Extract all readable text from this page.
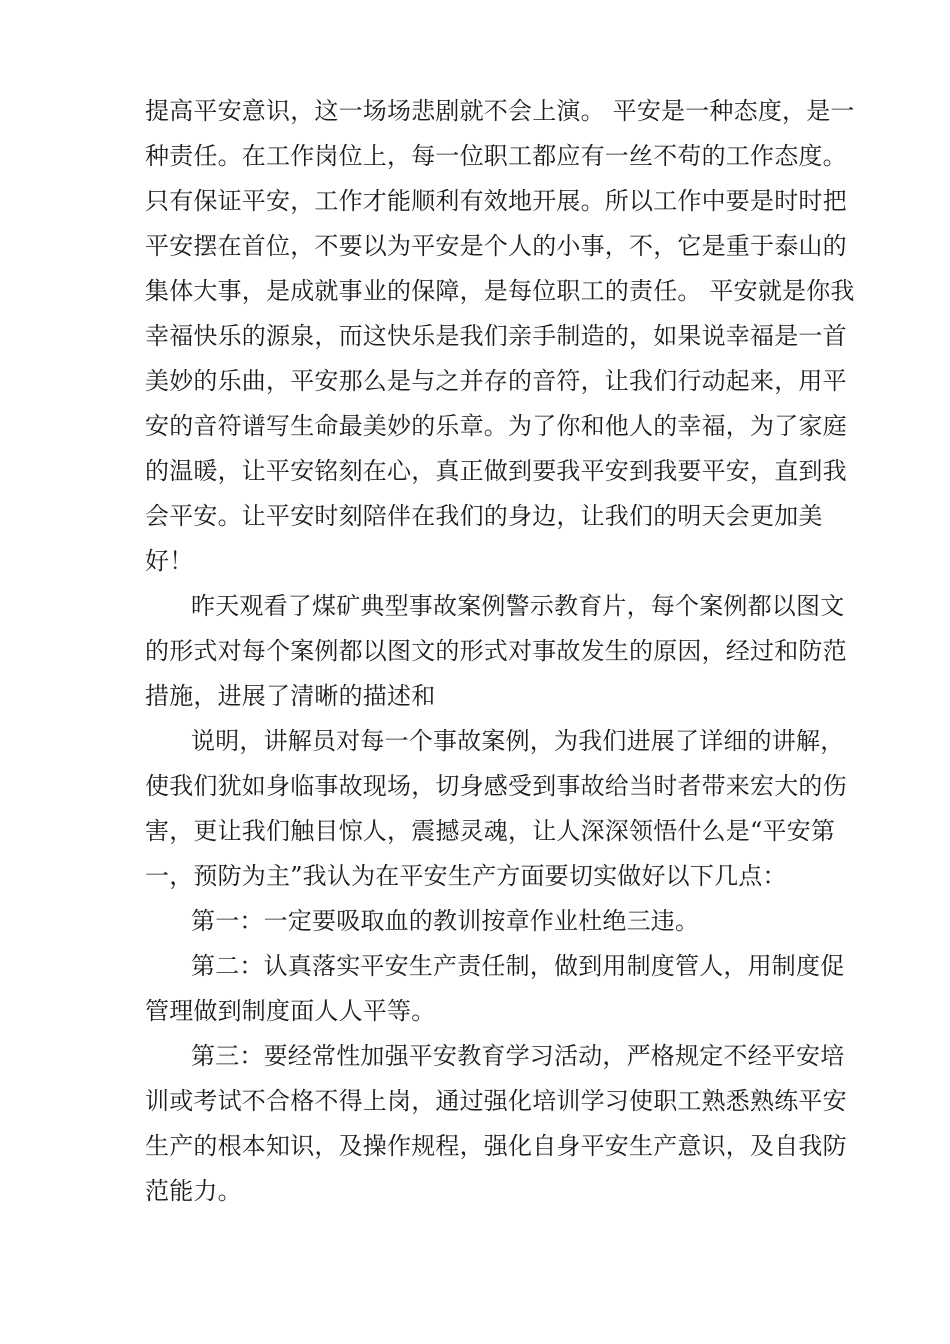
提高平安意识，这一场场悲剧就不会上演。 平安是一种态度，是一
种责任。在工作岗位上，每一位职工都应有一丝不苟的工作态度。
只有保证平安，工作才能顺利有效地开展。所以工作中要是时时把
平安摆在首位，不要以为平安是个人的小事，不，它是重于泰山的
集体大事，是成就事业的保障，是每位职工的责任。 平安就是你我
幸福快乐的源泉，而这快乐是我们亲手制造的，如果说幸福是一首
美妙的乐曲，平安那么是与之并存的音符，让我们行动起来，用平
安的音符谱写生命最美妙的乐章。为了你和他人的幸福，为了家庭
的温暖，让平安铭刻在心，真正做到要我平安到我要平安，直到我
会平安。让平安时刻陪伴在我们的身边，让我们的明天会更加美
好！
昨天观看了煤矿典型事故案例警示教育片，每个案例都以图文
的形式对每个案例都以图文的形式对事故发生的原因，经过和防范
措施，进展了清晰的描述和
说明，讲解员对每一个事故案例，为我们进展了详细的讲解，
使我们犹如身临事故现场，切身感受到事故给当时者带来宏大的伤
害，更让我们触目惊人，震撼灵魂，让人深深领悟什么是“平安第
一，预防为主”我认为在平安生产方面要切实做好以下几点：
第一：一定要吸取血的教训按章作业杜绝三违。
第二：认真落实平安生产责任制，做到用制度管人，用制度促
管理做到制度面人人平等。
第三：要经常性加强平安教育学习活动，严格规定不经平安培
训或考试不合格不得上岗，通过强化培训学习使职工熟悉熟练平安
生产的根本知识，及操作规程，强化自身平安生产意识，及自我防
范能力。
